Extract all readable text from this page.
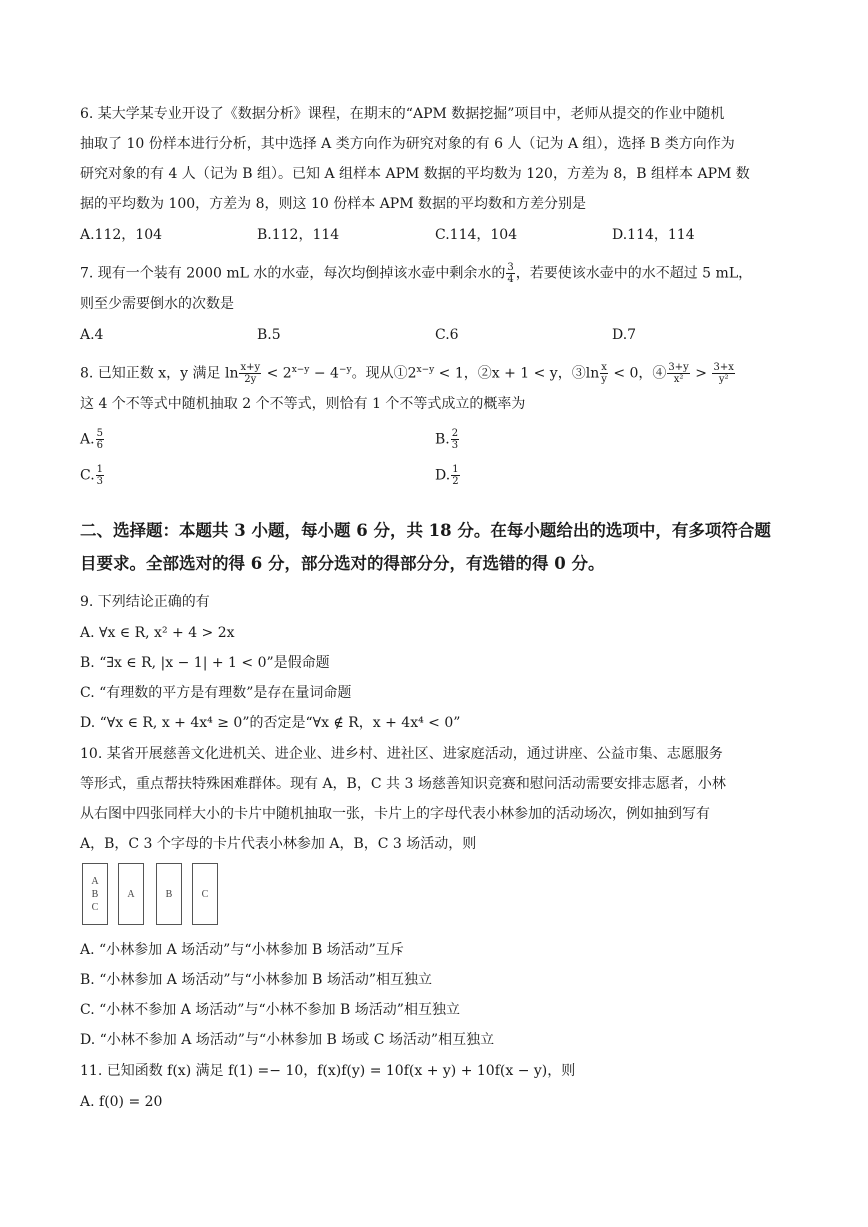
6. 某大学某专业开设了《数据分析》课程，在期末的“APM 数据挖掘”项目中，老师从提交的作业中随机
抽取了 10 份样本进行分析，其中选择 A 类方向作为研究对象的有 6 人（记为 A 组），选择 B 类方向作为
研究对象的有 4 人（记为 B 组）。已知 A 组样本 APM 数据的平均数为 120，方差为 8，B 组样本 APM 数
据的平均数为 100，方差为 8，则这 10 份样本 APM 数据的平均数和方差分别是
A.112，104	B.112，114	C.114，104	D.114，114
7. 现有一个装有 2000 mL 水的水壶，每次均倒掉该水壶中剩余水的 $\frac{3}{4}$ ，若要使该水壶中的水不超过 5 mL，
则至少需要倒水的次数是
A.4	B.5	C.6	D.7
8. 已知正数 x，y 满足 $\ln \frac{x+y}{2y} < 2^{x-y} - 4^{-y}$。现从$①2^{x-y} < 1$，②x + 1 < y，③ln $\frac{x}{y} < 0$，④ $\frac{3+y}{\text{x²}} > \frac{3+x}{\text{y²}}$
这 4 个不等式中随机抽取 2 个不等式，则恰有 1 个不等式成立的概率为
A. $\frac{5}{6}$	B. $\frac{2}{3}$
C. $\frac{1}{3}$	D. $\frac{1}{2}$
二、选择题：本题共 3 小题，每小题 6 分，共 18 分。在每小题给出的选项中，有多项符合题
目要求。全部选对的得 6 分，部分选对的得部分分，有选错的得 0 分。
9. 下列结论正确的有
A. ∀x ∈ R, x² + 4 > 2x
B. “∃x ∈ R, |x − 1| + 1 < 0”是假命题
C. “有理数的平方是有理数”是存在量词命题
D. “∀x ∈ R, x + 4x⁴ ≥ 0”的否定是“∀x ∉ R，x + 4x⁴ < 0”
10. 某省开展慈善文化进机关、进企业、进乡村、进社区、进家庭活动，通过讲座、公益市集、志愿服务
等形式，重点帮扶特殊困难群体。现有 A，B，C 共 3 场慈善知识竞赛和慰问活动需要安排志愿者，小林
从右图中四张同样大小的卡片中随机抽取一张，卡片上的字母代表小林参加的活动场次，例如抽到写有
A，B，C 3 个字母的卡片代表小林参加 A，B，C 3 场活动，则
A B C
A	B	C
A. “小林参加 A 场活动”与“小林参加 B 场活动”互斥
B. “小林参加 A 场活动”与“小林参加 B 场活动”相互独立
C. “小林不参加 A 场活动”与“小林不参加 B 场活动”相互独立
D. “小林不参加 A 场活动”与“小林参加 B 场或 C 场活动”相互独立
11. 已知函数 f(x) 满足 f(1) =− 10，f(x)f(y) = 10f(x + y) + 10f(x − y)，则
A. f(0) = 20
